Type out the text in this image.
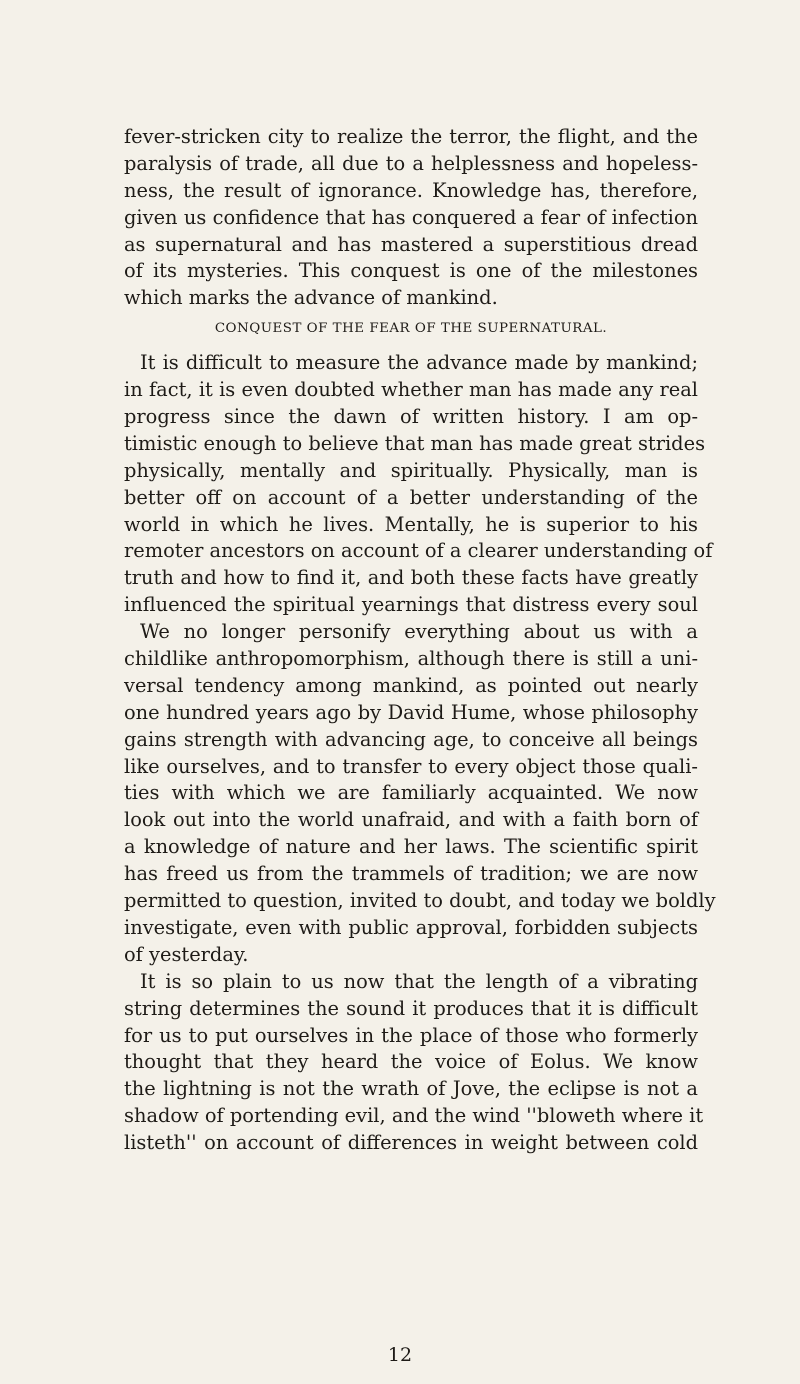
fever-stricken city to realize the terror, the flight, and the
paralysis of trade, all due to a helplessness and hopeless-
ness, the result of ignorance. Knowledge has, therefore,
given us confidence that has conquered a fear of infection
as supernatural and has mastered a superstitious dread
of its mysteries. This conquest is one of the milestones
which marks the advance of mankind.
CONQUEST OF THE FEAR OF THE SUPERNATURAL.
It is difficult to measure the advance made by mankind;
in fact, it is even doubted whether man has made any real
progress since the dawn of written history. I am op-
timistic enough to believe that man has made great strides
physically, mentally and spiritually. Physically, man is
better off on account of a better understanding of the
world in which he lives. Mentally, he is superior to his
remoter ancestors on account of a clearer understanding of
truth and how to find it, and both these facts have greatly
influenced the spiritual yearnings that distress every soul
We no longer personify everything about us with a
childlike anthropomorphism, although there is still a uni-
versal tendency among mankind, as pointed out nearly
one hundred years ago by David Hume, whose philosophy
gains strength with advancing age, to conceive all beings
like ourselves, and to transfer to every object those quali-
ties with which we are familiarly acquainted. We now
look out into the world unafraid, and with a faith born of
a knowledge of nature and her laws. The scientific spirit
has freed us from the trammels of tradition; we are now
permitted to question, invited to doubt, and today we boldly
investigate, even with public approval, forbidden subjects
of yesterday.
It is so plain to us now that the length of a vibrating
string determines the sound it produces that it is difficult
for us to put ourselves in the place of those who formerly
thought that they heard the voice of Eolus. We know
the lightning is not the wrath of Jove, the eclipse is not a
shadow of portending evil, and the wind ''bloweth where it
listeth'' on account of differences in weight between cold
12
